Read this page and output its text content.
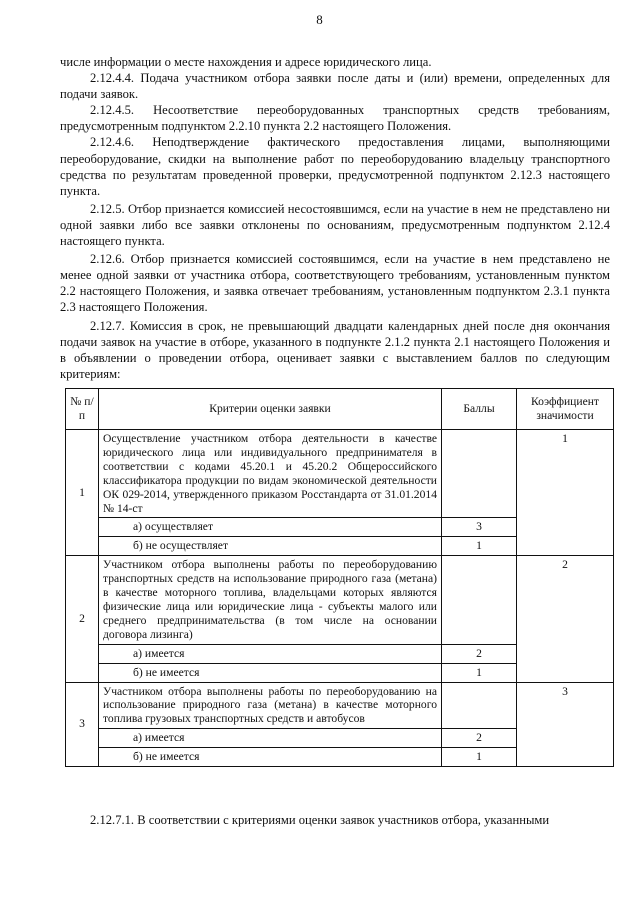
8

числе информации о месте нахождения и адресе юридического лица.

2.12.4.4. Подача участником отбора заявки после даты и (или) времени, определенных для подачи заявок.

2.12.4.5. Несоответствие переоборудованных транспортных средств требованиям, предусмотренным подпунктом 2.2.10 пункта 2.2 настоящего Положения.

2.12.4.6. Неподтверждение фактического предоставления лицами, выполняющими переоборудование, скидки на выполнение работ по переоборудованию владельцу транспортного средства по результатам проведенной проверки, предусмотренной подпунктом 2.12.3 настоящего пункта.

2.12.5. Отбор признается комиссией несостоявшимся, если на участие в нем не представлено ни одной заявки либо все заявки отклонены по основаниям, предусмотренным подпунктом 2.12.4 настоящего пункта.

2.12.6. Отбор признается комиссией состоявшимся, если на участие в нем представлено не менее одной заявки от участника отбора, соответствующего требованиям, установленным пунктом 2.2 настоящего Положения, и заявка отвечает требованиям, установленным подпунктом 2.3.1 пункта 2.3 настоящего Положения.

2.12.7. Комиссия в срок, не превышающий двадцати календарных дней после дня окончания подачи заявок на участие в отборе, указанного в подпункте 2.1.2 пункта 2.1 настоящего Положения и в объявлении о проведении отбора, оценивает заявки с выставлением баллов по следующим критериям:

№ п/п	Критерии оценки заявки	Баллы	Коэффициент значимости
1	Осуществление участником отбора деятельности в качестве юридического лица или индивидуального предпринимателя в соответствии с кодами 45.20.1 и 45.20.2 Общероссийского классификатора продукции по видам экономической деятельности ОК 029-2014, утвержденного приказом Росстандарта от 31.01.2014 № 14-ст		1
	а) осуществляет	3	
	б) не осуществляет	1	
2	Участником отбора выполнены работы по переоборудованию транспортных средств на использование природного газа (метана) в качестве моторного топлива, владельцами которых являются физические лица или юридические лица - субъекты малого или среднего предпринимательства (в том числе на основании договора лизинга)		2
	а) имеется	2	
	б) не имеется	1	
3	Участником отбора выполнены работы по переоборудованию на использование природного газа (метана) в качестве моторного топлива грузовых транспортных средств и автобусов		3
	а) имеется	2	
	б) не имеется	1	
2.12.7.1. В соответствии с критериями оценки заявок участников отбора, указанными
